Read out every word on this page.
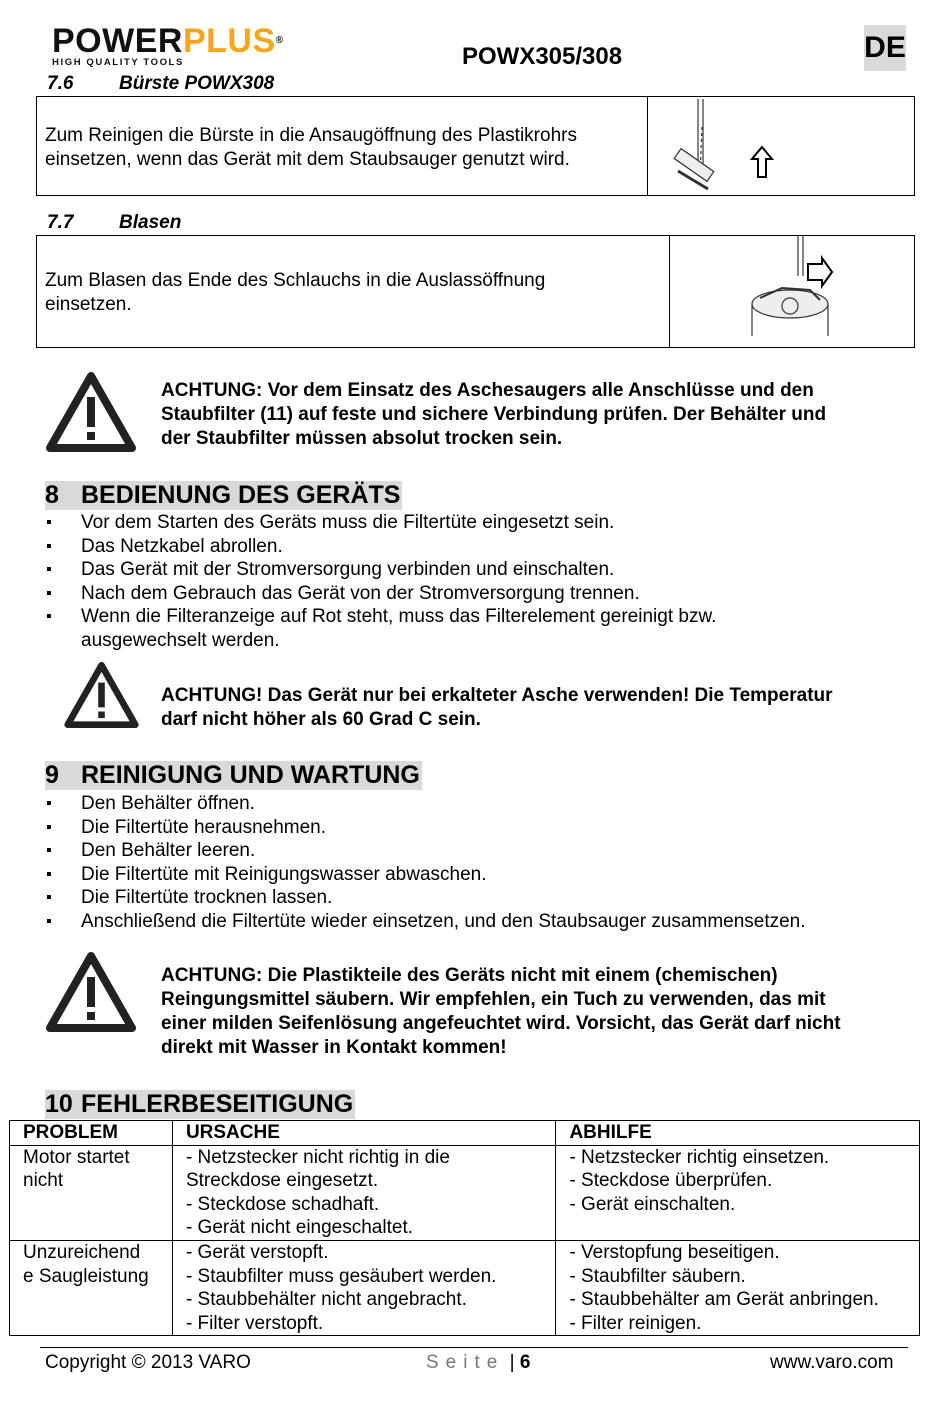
POWERPLUS®
HIGH QUALITY TOOLS	POWX305/308	DE
7.6 Bürste POWX308
Zum Reinigen die Bürste in die Ansaugöffnung des Plastikrohrs
einsetzen, wenn das Gerät mit dem Staubsauger genutzt wird.
7.7 Blasen
Zum Blasen das Ende des Schlauchs in die Auslassöffnung
einsetzen.
ACHTUNG: Vor dem Einsatz des Aschesaugers alle Anschlüsse und den
Staubfilter (11) auf feste und sichere Verbindung prüfen. Der Behälter und
der Staubfilter müssen absolut trocken sein.
8 BEDIENUNG DES GERÄTS
▪ Vor dem Starten des Geräts muss die Filtertüte eingesetzt sein.
▪ Das Netzkabel abrollen.
▪ Das Gerät mit der Stromversorgung verbinden und einschalten.
▪ Nach dem Gebrauch das Gerät von der Stromversorgung trennen.
▪ Wenn die Filteranzeige auf Rot steht, muss das Filterelement gereinigt bzw.
ausgewechselt werden.
ACHTUNG! Das Gerät nur bei erkalteter Asche verwenden! Die Temperatur
darf nicht höher als 60 Grad C sein.
9 REINIGUNG UND WARTUNG
▪ Den Behälter öffnen.
▪ Die Filtertüte herausnehmen.
▪ Den Behälter leeren.
▪ Die Filtertüte mit Reinigungswasser abwaschen.
▪ Die Filtertüte trocknen lassen.
▪ Anschließend die Filtertüte wieder einsetzen, und den Staubsauger zusammensetzen.
ACHTUNG: Die Plastikteile des Geräts nicht mit einem (chemischen)
Reingungsmittel säubern. Wir empfehlen, ein Tuch zu verwenden, das mit
einer milden Seifenlösung angefeuchtet wird. Vorsicht, das Gerät darf nicht
direkt mit Wasser in Kontakt kommen!
10 FEHLERBESEITIGUNG
PROBLEM	URSACHE	ABHILFE

Motor startet
nicht	- Netzstecker nicht richtig in die
Streckdose eingesetzt.
- Steckdose schadhaft.
- Gerät nicht eingeschaltet.	- Netzstecker richtig einsetzen.
- Steckdose überprüfen.
- Gerät einschalten.

Unzureichend
e Saugleistung	- Gerät verstopft.
- Staubfilter muss gesäubert werden.
- Staubbehälter nicht angebracht.
- Filter verstopft.	- Verstopfung beseitigen.
- Staubfilter säubern.
- Staubbehälter am Gerät anbringen.
- Filter reinigen.
Copyright © 2013 VARO	Seite | 6	www.varo.com
